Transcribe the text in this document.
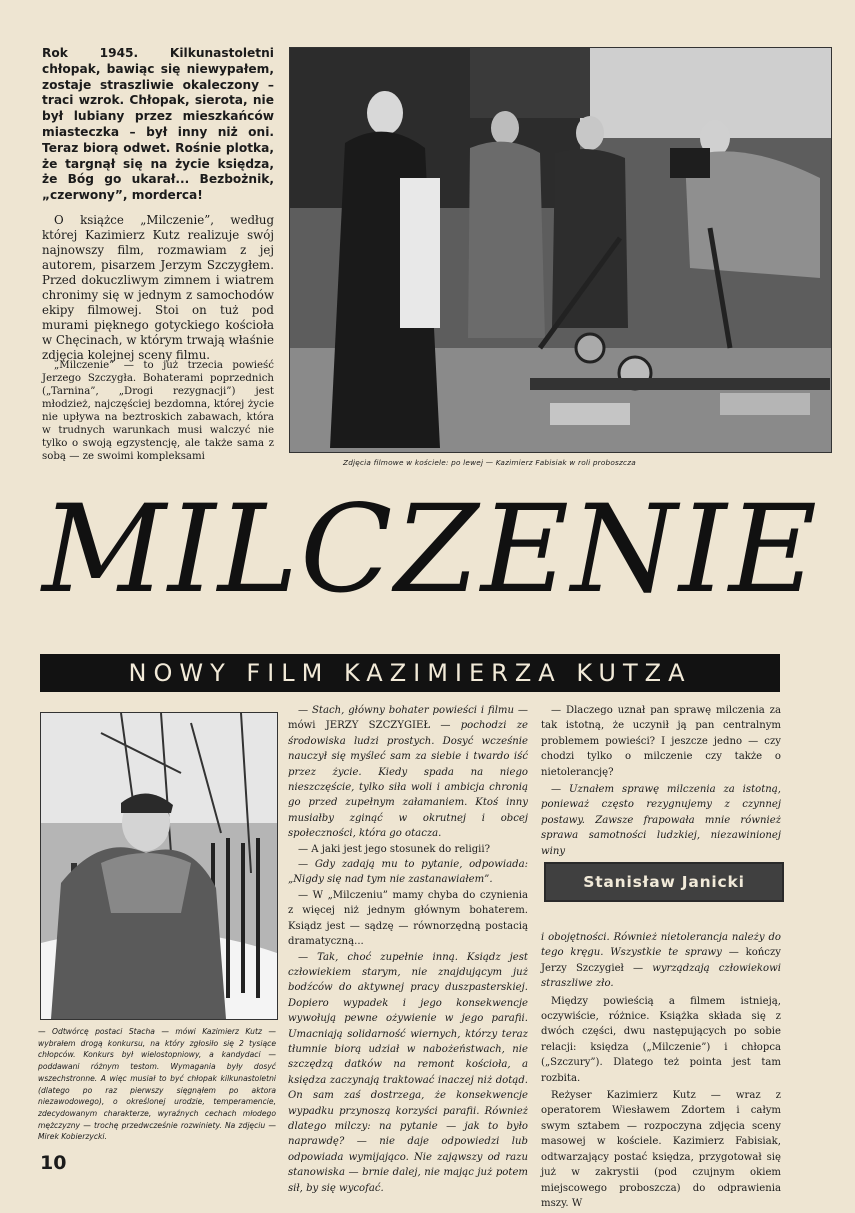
Rok 1945. Kilkunastoletni chłopak, bawiąc się niewypałem, zostaje straszliwie okaleczony – traci wzrok. Chłopak, sierota, nie był lubiany przez mieszkańców miasteczka – był inny niż oni. Teraz biorą odwet. Rośnie plotka, że targnął się na życie księdza, że Bóg go ukarał... Bezbożnik, „czerwony”, morderca!
O książce „Milczenie”, według której Kazimierz Kutz realizuje swój najnowszy film, rozmawiam z jej autorem, pisarzem Jerzym Szczygłem. Przed dokuczliwym zimnem i wiatrem chronimy się w jednym z samochodów ekipy filmowej. Stoi on tuż pod murami pięknego gotyckiego kościoła w Chęcinach, w którym trwają właśnie zdjęcia kolejnej sceny filmu.
„Milczenie” — to już trzecia powieść Jerzego Szczygła. Bohaterami poprzednich („Tarnina”, „Drogi rezygnacji”) jest młodzież, najczęściej bezdomna, której życie nie upływa na beztroskich zabawach, która w trudnych warunkach musi walczyć nie tylko o swoją egzystencję, ale także sama z sobą — ze swoimi kompleksami
Zdjęcia filmowe w kościele: po lewej — Kazimierz Fabisiak w roli proboszcza
MILCZENIE
NOWY FILM KAZIMIERZA KUTZA
— Odtwórcę postaci Stacha — mówi Kazimierz Kutz — wybrałem drogą konkursu, na który zgłosiło się 2 tysiące chłopców. Konkurs był wielostopniowy, a kandydaci — poddawani różnym testom. Wymagania były dosyć wszechstronne. A więc musiał to być chłopak kilkunastoletni (dlatego po raz pierwszy sięgnąłem po aktora niezawodowego), o określonej urodzie, temperamencie, zdecydowanym charakterze, wyraźnych cechach młodego mężczyzny — trochę przedwcześnie rozwiniety. Na zdjęciu — Mirek Kobierzycki.
10

— Stach, główny bohater powieści i filmu — mówi JERZY SZCZYGIEŁ — pochodzi ze środowiska ludzi prostych. Dosyć wcześnie nauczył się myśleć sam za siebie i twardo iść przez życie. Kiedy spada na niego nieszczęście, tylko siła woli i ambicja chronią go przed zupełnym załamaniem. Ktoś inny musiałby zginąć w okrutnej i obcej społeczności, która go otacza.

— A jaki jest jego stosunek do religii?

— Gdy zadają mu to pytanie, odpowiada: „Nigdy się nad tym nie zastanawiałem”.

— W „Milczeniu” mamy chyba do czynienia z więcej niż jednym głównym bohaterem. Ksiądz jest — sądzę — równorzędną postacią dramatyczną...

— Tak, choć zupełnie inną. Ksiądz jest człowiekiem starym, nie znajdującym już bodźców do aktywnej pracy duszpasterskiej. Dopiero wypadek i jego konsekwencje wywołują pewne ożywienie w jego parafii. Umacniają solidarność wiernych, którzy teraz tłumnie biorą udział w nabożeństwach, nie szczędzą datków na remont kościoła, a księdza zaczynają traktować inaczej niż dotąd. On sam zaś dostrzega, że konsekwencje wypadku przynoszą korzyści parafii. Również dlatego milczy: na pytanie — jak to było naprawdę? — nie daje odpowiedzi lub odpowiada wymijająco. Nie zająwszy od razu stanowiska — brnie dalej, nie mając już potem sił, by się wycofać.

— Dlaczego uznał pan sprawę milczenia za tak istotną, że uczynił ją pan centralnym problemem powieści? I jeszcze jedno — czy chodzi tylko o milczenie czy także o nietolerancję?

— Uznałem sprawę milczenia za istotną, ponieważ często rezygnujemy z czynnej postawy. Zawsze frapowała mnie również sprawa samotności ludzkiej, niezawinionej winy

Stanisław Janicki

i obojętności. Również nietolerancja należy do tego kręgu. Wszystkie te sprawy — kończy Jerzy Szczygieł — wyrządzają człowiekowi straszliwe zło.

Między powieścią a filmem istnieją, oczywiście, różnice. Książka składa się z dwóch części, dwu następujących po sobie relacji: księdza („Milczenie”) i chłopca („Szczury”). Dlatego też pointa jest tam rozbita.

Reżyser Kazimierz Kutz — wraz z operatorem Wiesławem Zdortem i całym swym sztabem — rozpoczyna zdjęcia sceny masowej w kościele. Kazimierz Fabisiak, odtwarzający postać księdza, przygotował się już w zakrystii (pod czujnym okiem miejscowego proboszcza) do odprawienia mszy. W
